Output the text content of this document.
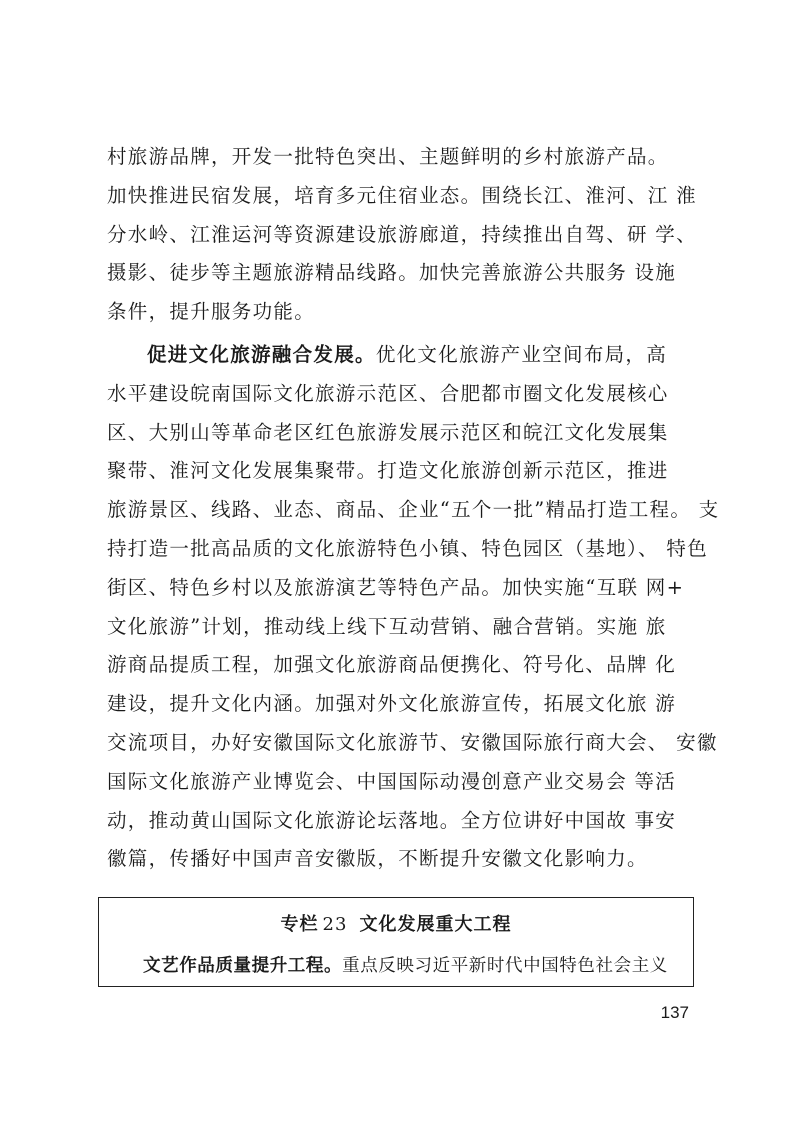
村旅游品牌，开发一批特色突出、主题鲜明的乡村旅游产品。
加快推进民宿发展，培育多元住宿业态。围绕长江、淮河、江 淮
分水岭、江淮运河等资源建设旅游廊道，持续推出自驾、研 学、
摄影、徒步等主题旅游精品线路。加快完善旅游公共服务 设施
条件，提升服务功能。
促进文化旅游融合发展。优化文化旅游产业空间布局，高
水平建设皖南国际文化旅游示范区、合肥都市圈文化发展核心
区、大别山等革命老区红色旅游发展示范区和皖江文化发展集
聚带、淮河文化发展集聚带。打造文化旅游创新示范区，推进
旅游景区、线路、业态、商品、企业“五个一批”精品打造工程。 支
持打造一批高品质的文化旅游特色小镇、特色园区（基地）、 特色
街区、特色乡村以及旅游演艺等特色产品。加快实施“互联 网+
文化旅游”计划，推动线上线下互动营销、融合营销。实施 旅
游商品提质工程，加强文化旅游商品便携化、符号化、品牌 化
建设，提升文化内涵。加强对外文化旅游宣传，拓展文化旅 游
交流项目，办好安徽国际文化旅游节、安徽国际旅行商大会、 安徽
国际文化旅游产业博览会、中国国际动漫创意产业交易会 等活
动，推动黄山国际文化旅游论坛落地。全方位讲好中国故 事安
徽篇，传播好中国声音安徽版，不断提升安徽文化影响力。
专栏 23 文化发展重大工程
文艺作品质量提升工程。重点反映习近平新时代中国特色社会主义
137
